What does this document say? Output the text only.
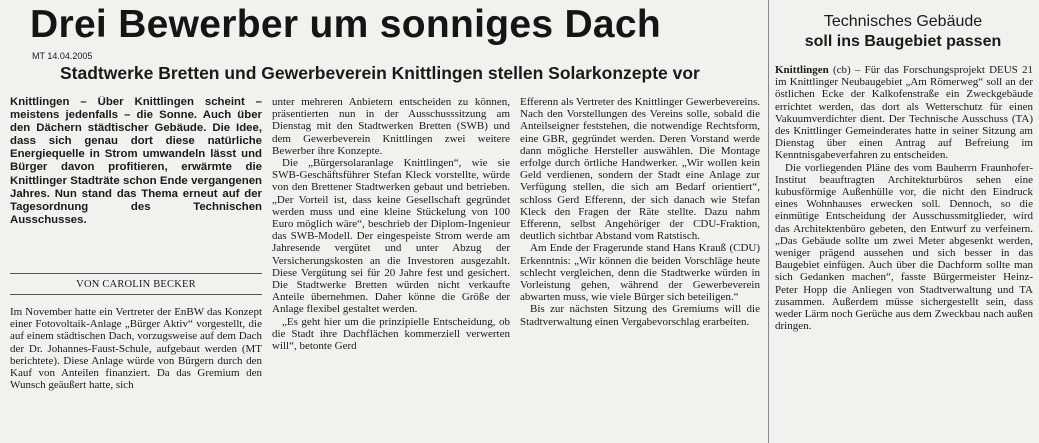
Drei Bewerber um sonniges Dach
MT 14.04.2005
Stadtwerke Bretten und Gewerbeverein Knittlingen stellen Solarkonzepte vor

Knittlingen – Über Knittlingen scheint – meistens jedenfalls – die Sonne. Auch über den Dächern städtischer Gebäude. Die Idee, dass sich genau dort diese natürliche Energiequelle in Strom umwandeln lässt und Bürger davon profitieren, erwärmte die Knittlinger Stadträte schon Ende vergangenen Jahres. Nun stand das Thema erneut auf der Tagesordnung des Technischen Ausschusses.

VON CAROLIN BECKER

Im November hatte ein Vertreter der EnBW das Konzept einer Fotovoltaik-Anlage „Bürger Aktiv“ vorgestellt, die auf einem städtischen Dach, vorzugsweise auf dem Dach der Dr. Johannes-Faust-Schule, aufgebaut werden (MT berichtete). Diese Anlage würde von Bürgern durch den Kauf von Anteilen finanziert. Da das Gremium den Wunsch geäußert hatte, sich

unter mehreren Anbietern entscheiden zu können, präsentierten nun in der Ausschusssitzung am Dienstag mit den Stadtwerken Bretten (SWB) und dem Gewerbeverein Knittlingen zwei weitere Bewerber ihre Konzepte.

Die „Bürgersolaranlage Knittlingen“, wie sie SWB-Geschäftsführer Stefan Kleck vorstellte, würde von den Brettener Stadtwerken gebaut und betrieben. „Der Vorteil ist, dass keine Gesellschaft gegründet werden muss und eine kleine Stückelung von 100 Euro möglich wäre“, beschrieb der Diplom-Ingenieur das SWB-Modell. Der eingespeiste Strom werde am Jahresende vergütet und unter Abzug der Versicherungskosten an die Investoren ausgezahlt. Diese Vergütung sei für 20 Jahre fest und gesichert. Die Stadtwerke Bretten würden nicht verkaufte Anteile übernehmen. Daher könne die Größe der Anlage flexibel gestaltet werden.

„Es geht hier um die prinzipielle Entscheidung, ob die Stadt ihre Dachflächen kommerziell verwerten will“, betonte Gerd

Efferenn als Vertreter des Knittlinger Gewerbevereins. Nach den Vorstellungen des Vereins solle, sobald die Anteilseigner feststehen, die notwendige Rechtsform, eine GBR, gegründet werden. Deren Vorstand werde dann mögliche Hersteller auswählen. Die Montage erfolge durch örtliche Handwerker. „Wir wollen kein Geld verdienen, sondern der Stadt eine Anlage zur Verfügung stellen, die sich am Bedarf orientiert“, schloss Gerd Efferenn, der sich danach wie Stefan Kleck den Fragen der Räte stellte. Dazu nahm Efferenn, selbst Angehöriger der CDU-Fraktion, deutlich sichtbar Abstand vom Ratstisch.

Am Ende der Fragerunde stand Hans Krauß (CDU) Erkenntnis: „Wir können die beiden Vorschläge heute schlecht vergleichen, denn die Stadtwerke würden in Vorleistung gehen, während der Gewerbeverein abwarten muss, wie viele Bürger sich beteiligen.“

Bis zur nächsten Sitzung des Gremiums will die Stadtverwaltung einen Vergabevorschlag erarbeiten.

Technisches Gebäude
soll ins Baugebiet passen

Knittlingen (cb) – Für das Forschungsprojekt DEUS 21 im Knittlinger Neubaugebiet „Am Römerweg“ soll an der östlichen Ecke der Kalkofenstraße ein Zweckgebäude errichtet werden, das dort als Wetterschutz für einen Vakuumverdichter dient. Der Technische Ausschuss (TA) des Knittlinger Gemeinderates hatte in seiner Sitzung am Dienstag über einen Antrag auf Befreiung im Kenntnisgabeverfahren zu entscheiden.

Die vorliegenden Pläne des vom Bauherrn Fraunhofer-Institut beauftragten Architekturbüros sehen eine kubusförmige Außenhülle vor, die nicht den Eindruck eines Wohnhauses erwecken soll. Dennoch, so die einmütige Entscheidung der Ausschussmitglieder, wird das Architektenbüro gebeten, den Entwurf zu verfeinern. „Das Gebäude sollte um zwei Meter abgesenkt werden, weniger prägend aussehen und sich besser in das Baugebiet einfügen. Auch über die Dachform sollte man sich Gedanken machen“, fasste Bürgermeister Heinz-Peter Hopp die Anliegen von Stadtverwaltung und TA zusammen. Außerdem müsse sichergestellt sein, dass weder Lärm noch Gerüche aus dem Zweckbau nach außen dringen.
